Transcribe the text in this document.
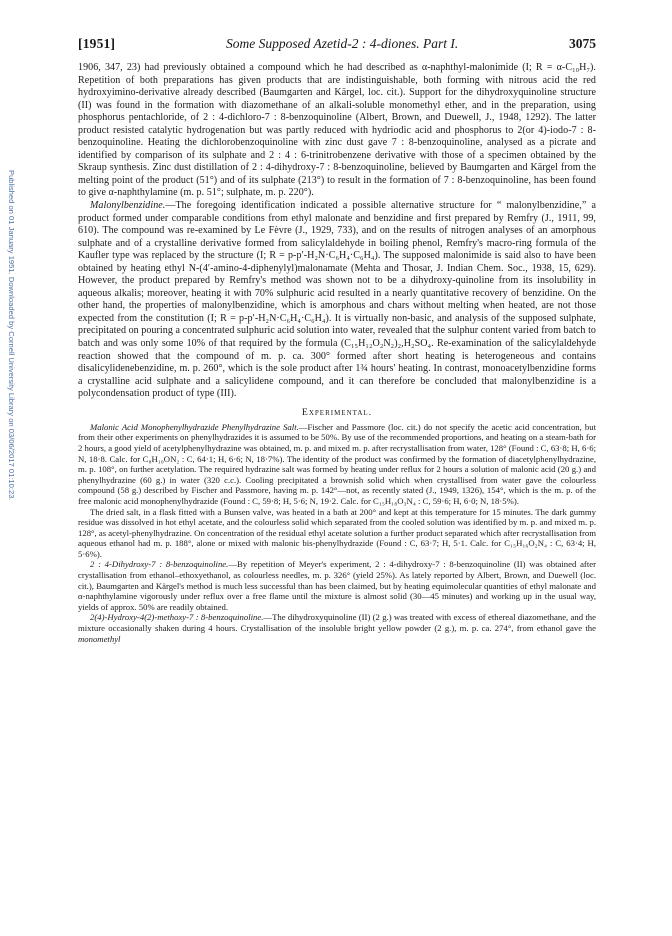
Published on 01 January 1951. Downloaded by Cornell University Library on 03/06/2017 01:10:23.
[1951]	Some Supposed Azetid-2 : 4-diones. Part I.	3075

1906, 347, 23) had previously obtained a compound which he had described as α-naphthyl-malonimide (I; R = α-C₁₀H₇). Repetition of both preparations has given products that are indistinguishable, both forming with nitrous acid the red hydroxyimino-derivative already described (Baumgarten and Kärgel, loc. cit.). Support for the dihydroxyquinoline structure (II) was found in the formation with diazomethane of an alkali-soluble monomethyl ether, and in the preparation, using phosphorus pentachloride, of 2 : 4-dichloro-7 : 8-benzoquinoline (Albert, Brown, and Duewell, J., 1948, 1292). The latter product resisted catalytic hydrogenation but was partly reduced with hydriodic acid and phosphorus to 2(or 4)-iodo-7 : 8-benzoquinoline. Heating the dichlorobenzoquinoline with zinc dust gave 7 : 8-benzoquinoline, analysed as a picrate and identified by comparison of its sulphate and 2 : 4 : 6-trinitrobenzene derivative with those of a specimen obtained by the Skraup synthesis. Zinc dust distillation of 2 : 4-dihydroxy-7 : 8-benzoquinoline, believed by Baumgarten and Kärgel from the melting point of the product (51°) and of its sulphate (213°) to result in the formation of 7 : 8-benzoquinoline, has been found to give α-naphthylamine (m. p. 51°; sulphate, m. p. 220°).

Malonylbenzidine.—The foregoing identification indicated a possible alternative structure for “ malonylbenzidine,” a product formed under comparable conditions from ethyl malonate and benzidine and first prepared by Remfry (J., 1911, 99, 610). The compound was re-examined by Le Fèvre (J., 1929, 733), and on the results of nitrogen analyses of an amorphous sulphate and of a crystalline derivative formed from salicylaldehyde in boiling phenol, Remfry's macro-ring formula of the Kaufler type was replaced by the structure (I; R = p-p′-H₂N·C₆H₄·C₆H₄). The supposed malonimide is said also to have been obtained by heating ethyl N-(4′-amino-4-diphenylyl)malonamate (Mehta and Thosar, J. Indian Chem. Soc., 1938, 15, 629). However, the product prepared by Remfry's method was shown not to be a dihydroxy-quinoline from its insolubility in aqueous alkalis; moreover, heating it with 70% sulphuric acid resulted in a nearly quantitative recovery of benzidine. On the other hand, the properties of malonylbenzidine, which is amorphous and chars without melting when heated, are not those expected from the constitution (I; R = p-p′-H₂N·C₆H₄·C₆H₄). It is virtually non-basic, and analysis of the supposed sulphate, precipitated on pouring a concentrated sulphuric acid solution into water, revealed that the sulphur content varied from batch to batch and was only some 10% of that required by the formula (C₁₅H₁₂O₂N₂)₂,H₂SO₄. Re-examination of the salicylaldehyde reaction showed that the compound of m. p. ca. 300° formed after short heating is heterogeneous and contains disalicylidenebenzidine, m. p. 260°, which is the sole product after 1¾ hours' heating. In contrast, monoacetylbenzidine forms a crystalline acid sulphate and a salicylidene compound, and it can therefore be concluded that malonylbenzidine is a polycondensation product of type (III).

Experimental.

Malonic Acid Monophenylhydrazide Phenylhydrazine Salt.—Fischer and Passmore (loc. cit.) do not specify the acetic acid concentration, but from their other experiments on phenylhydrazides it is assumed to be 50%. By use of the recommended proportions, and heating on a steam-bath for 2 hours, a good yield of acetylphenylhydrazine was obtained, m. p. and mixed m. p. after recrystallisation from water, 128° (Found : C, 63·8; H, 6·6; N, 18·8. Calc. for C₈H₁₀ON₂ : C, 64·1; H, 6·6; N, 18·7%). The identity of the product was confirmed by the formation of diacetylphenylhydrazine, m. p. 108°, on further acetylation. The required hydrazine salt was formed by heating under reflux for 2 hours a solution of malonic acid (20 g.) and phenylhydrazine (60 g.) in water (320 c.c.). Cooling precipitated a brownish solid which when crystallised from water gave the colourless compound (58 g.) described by Fischer and Passmore, having m. p. 142°—not, as recently stated (J., 1949, 1326), 154°, which is the m. p. of the free malonic acid monophenylhydrazide (Found : C, 59·8; H, 5·6; N, 19·2. Calc. for C₁₅H₁₈O₃N₄ : C, 59·6; H, 6·0; N, 18·5%).

The dried salt, in a flask fitted with a Bunsen valve, was heated in a bath at 200° and kept at this temperature for 15 minutes. The dark gummy residue was dissolved in hot ethyl acetate, and the colourless solid which separated from the cooled solution was identified by m. p. and mixed m. p. 128°, as acetyl-phenylhydrazine. On concentration of the residual ethyl acetate solution a further product separated which after recrystallisation from aqueous ethanol had m. p. 188°, alone or mixed with malonic bis-phenylhydrazide (Found : C, 63·7; H, 5·1. Calc. for C₁₅H₁₆O₂N₄ : C, 63·4; H, 5·6%).

2 : 4-Dihydroxy-7 : 8-benzoquinoline.—By repetition of Meyer's experiment, 2 : 4-dihydroxy-7 : 8-benzoquinoline (II) was obtained after crystallisation from ethanol–ethoxyethanol, as colourless needles, m. p. 326° (yield 25%). As lately reported by Albert, Brown, and Duewell (loc. cit.), Baumgarten and Kärgel's method is much less successful than has been claimed, but by heating equimolecular quantities of ethyl malonate and α-naphthylamine vigorously under reflux over a free flame until the mixture is almost solid (30—45 minutes) and working up in the usual way, yields of approx. 50% are readily obtained.

2(4)-Hydroxy-4(2)-methoxy-7 : 8-benzoquinoline.—The dihydroxyquinoline (II) (2 g.) was treated with excess of ethereal diazomethane, and the mixture occasionally shaken during 4 hours. Crystallisation of the insoluble bright yellow powder (2 g.), m. p. ca. 274°, from ethanol gave the monomethyl
